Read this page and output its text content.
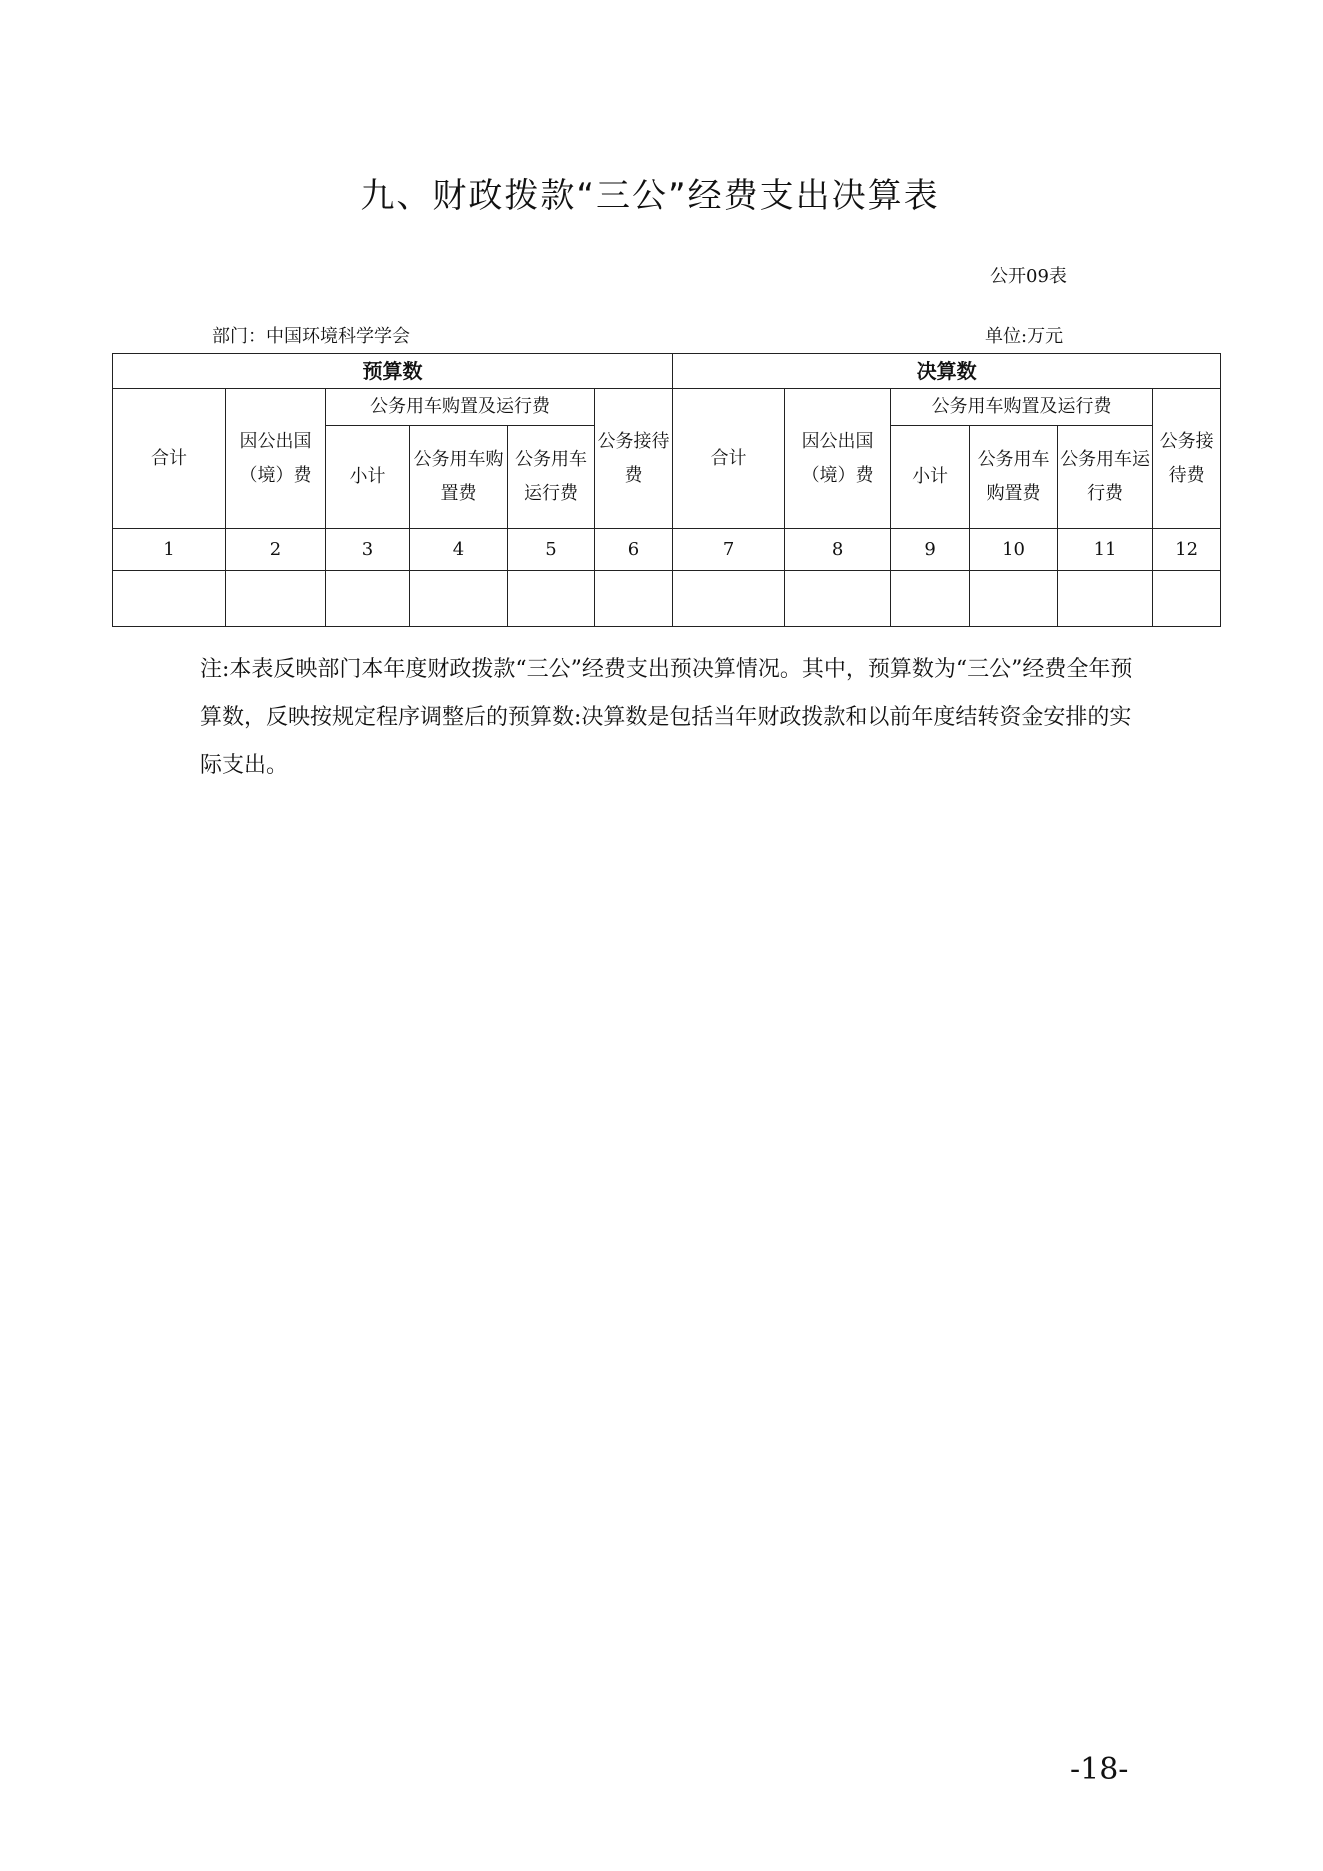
九、财政拨款“三公”经费支出决算表
公开09表
部门：中国环境科学学会	单位:万元
预算数						决算数					
合计	因公出国（境）费	公务用车购置及运行费			公务接待费	合计	因公出国（境）费	公务用车购置及运行费			公务接待费
		小计	公务用车购置费	公务用车运行费				小计	公务用车购置费	公务用车运行费	
1	2	3	4	5	6	7	8	9	10	11	12

注:本表反映部门本年度财政拨款“三公”经费支出预决算情况。其中，预算数为“三公”经费全年预算数，反映按规定程序调整后的预算数:决算数是包括当年财政拨款和以前年度结转资金安排的实际支出。
-18-
